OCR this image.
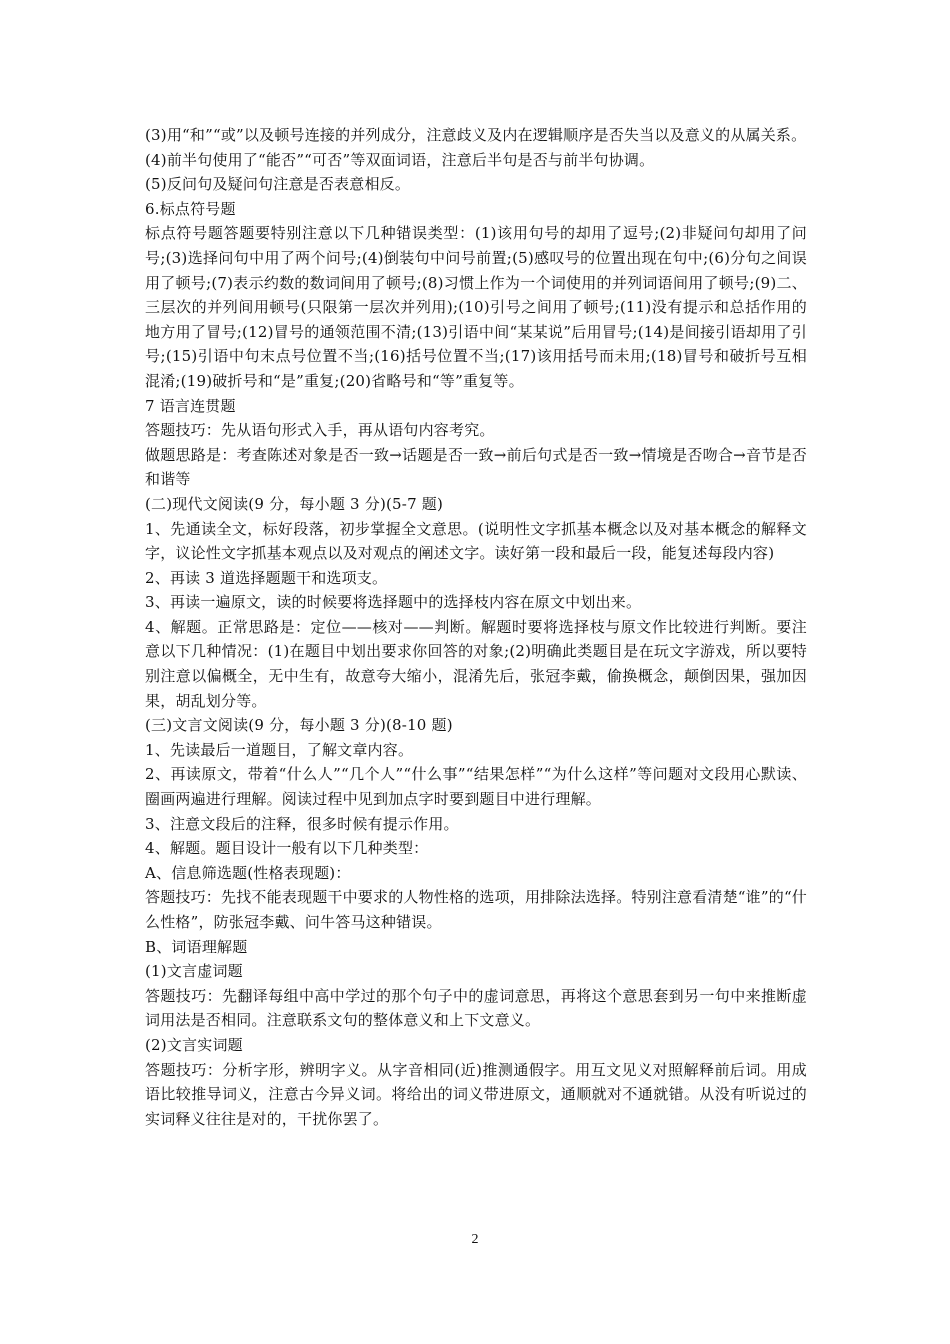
(3)用“和”“或”以及顿号连接的并列成分，注意歧义及内在逻辑顺序是否失当以及意义的从属关系。

(4)前半句使用了“能否”“可否”等双面词语，注意后半句是否与前半句协调。

(5)反问句及疑问句注意是否表意相反。

6.标点符号题

标点符号题答题要特别注意以下几种错误类型：(1)该用句号的却用了逗号;(2)非疑问句却用了问号;(3)选择问句中用了两个问号;(4)倒装句中问号前置;(5)感叹号的位置出现在句中;(6)分句之间误用了顿号;(7)表示约数的数词间用了顿号;(8)习惯上作为一个词使用的并列词语间用了顿号;(9)二、三层次的并列间用顿号(只限第一层次并列用);(10)引号之间用了顿号;(11)没有提示和总括作用的地方用了冒号;(12)冒号的通领范围不清;(13)引语中间“某某说”后用冒号;(14)是间接引语却用了引号;(15)引语中句末点号位置不当;(16)括号位置不当;(17)该用括号而未用;(18)冒号和破折号互相混淆;(19)破折号和“是”重复;(20)省略号和“等”重复等。

7 语言连贯题

答题技巧：先从语句形式入手，再从语句内容考究。

做题思路是：考查陈述对象是否一致→话题是否一致→前后句式是否一致→情境是否吻合→音节是否和谐等

(二)现代文阅读(9 分，每小题 3 分)(5-7 题)

1、先通读全文，标好段落，初步掌握全文意思。(说明性文字抓基本概念以及对基本概念的解释文字，议论性文字抓基本观点以及对观点的阐述文字。读好第一段和最后一段，能复述每段内容)

2、再读 3 道选择题题干和选项支。

3、再读一遍原文，读的时候要将选择题中的选择枝内容在原文中划出来。

4、解题。正常思路是：定位——核对——判断。解题时要将选择枝与原文作比较进行判断。要注意以下几种情况：(1)在题目中划出要求你回答的对象;(2)明确此类题目是在玩文字游戏，所以要特别注意以偏概全，无中生有，故意夸大缩小，混淆先后，张冠李戴，偷换概念，颠倒因果，强加因果，胡乱划分等。

(三)文言文阅读(9 分，每小题 3 分)(8-10 题)

1、先读最后一道题目，了解文章内容。

2、再读原文，带着“什么人”“几个人”“什么事”“结果怎样”“为什么这样”等问题对文段用心默读、圈画两遍进行理解。阅读过程中见到加点字时要到题目中进行理解。

3、注意文段后的注释，很多时候有提示作用。

4、解题。题目设计一般有以下几种类型：

A、信息筛选题(性格表现题)：

答题技巧：先找不能表现题干中要求的人物性格的选项，用排除法选择。特别注意看清楚“谁”的“什么性格”，防张冠李戴、问牛答马这种错误。

B、词语理解题

(1)文言虚词题

答题技巧：先翻译每组中高中学过的那个句子中的虚词意思，再将这个意思套到另一句中来推断虚词用法是否相同。注意联系文句的整体意义和上下文意义。

(2)文言实词题

答题技巧：分析字形，辨明字义。从字音相同(近)推测通假字。用互文见义对照解释前后词。用成语比较推导词义，注意古今异义词。将给出的词义带进原文，通顺就对不通就错。从没有听说过的实词释义往往是对的，干扰你罢了。

2
